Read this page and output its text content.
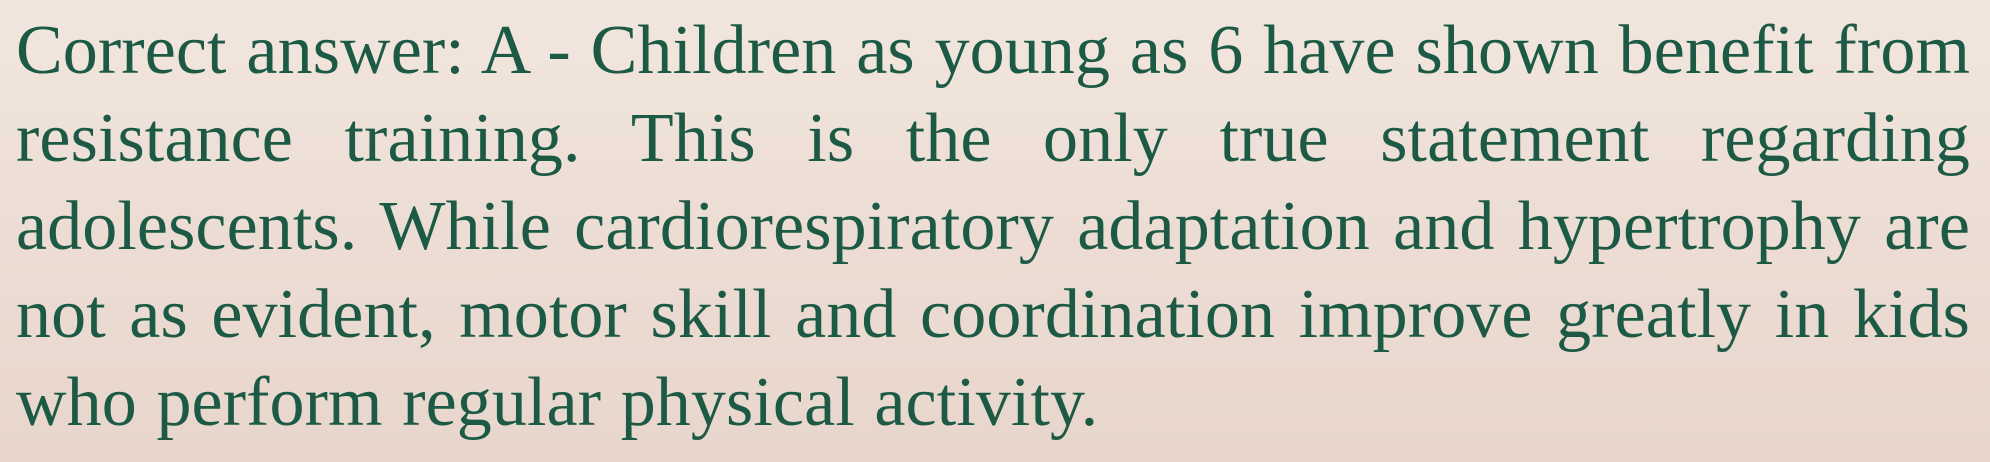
Correct answer: A - Children as young as 6 have shown benefit from resistance training. This is the only true statement regarding adolescents. While cardiorespiratory adaptation and hypertrophy are not as evident, motor skill and coordination improve greatly in kids who perform regular physical activity.
